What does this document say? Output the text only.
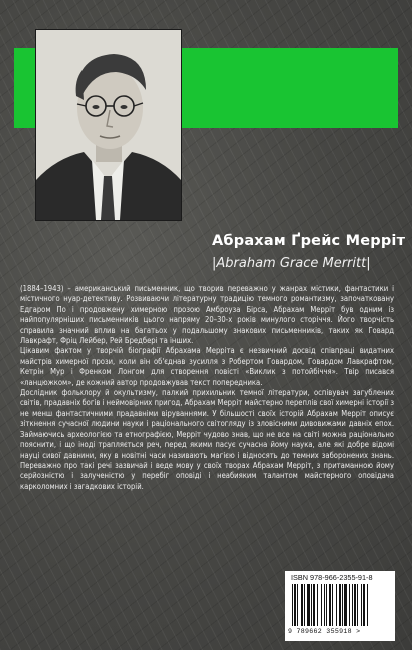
Абрахам Ґрейс Мерріт
|Abraham Grace Merritt|

(1884–1943) – американський письменник, що творив переважно у жанрах містики, фантастики і містичного нуар-детективу. Розвиваючи літературну традицію темного романтизму, започатковану Едгаром По і продовжену химерною прозою Амброуза Бірса, Абрахам Мерріт був одним із найпопулярніших письменників цього напряму 20–30-х років минулого сторіччя. Його творчість справила значний вплив на багатьох у подальшому знакових письменників, таких як Говард Лавкрафт, Фріц Лейбер, Рей Бредбері та інших.

Цікавим фактом у творчій біографії Абрахама Мерріта є незвичний досвід співпраці видатних майстрів химерної прози, коли він об'єднав зусилля з Робертом Говардом, Говардом Лавкрафтом, Кетрін Мур і Френком Лонгом для створення повісті «Виклик з потойбіччя». Твір писався «ланцюжком», де кожний автор продовжував текст попередника.

Дослідник фольклору й окультизму, палкий прихильник темної літератури, оспівувач загублених світів, прадавніх богів і неймовірних пригод, Абрахам Мерріт майстерно переплів свої химерні історії з не менш фантастичними прадавніми віруваннями. У більшості своїх історій Абрахам Мерріт описує зіткнення сучасної людини науки і раціонального світогляду із зловісними дивовижами давніх епох. Займаючись археологією та етнографією, Мерріт чудово знав, що не все на світі можна раціонально пояснити, і що іноді трапляється реч, перед якими пасує сучасна йому наука, але які добре відомі науці сивої давнини, яку в новітні часи називають магією і відносять до темних заборонених знань. Переважно про такі речі зазвичай і веде мову у своїх творах Абрахам Мерріт, з притаманною йому серйозністю і залученістю у перебіг оповіді і неабияким талантом майстерного оповідача карколомних і загадкових історій.

ISBN 978-966-2355-91-8
9 789662 355918 >
